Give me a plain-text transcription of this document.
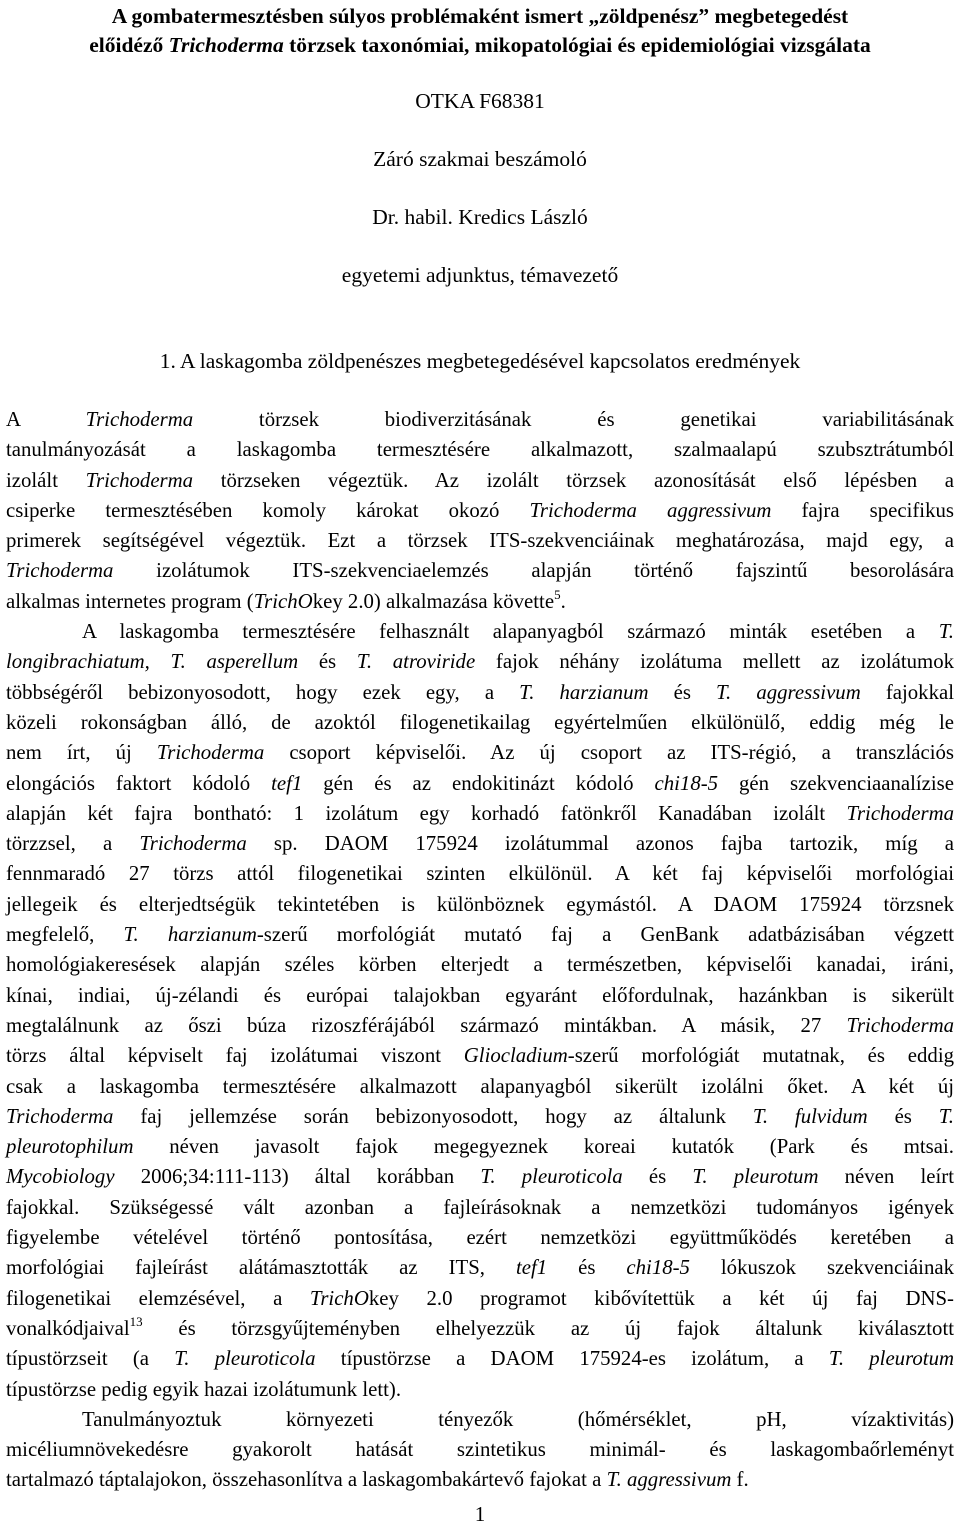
A gombatermesztésben súlyos problémaként ismert „zöldpenész” megbetegedést
előidéző Trichoderma törzsek taxonómiai, mikopatológiai és epidemiológiai vizsgálata

OTKA F68381

Záró szakmai beszámoló

Dr. habil. Kredics László

egyetemi adjunktus, témavezető

1. A laskagomba zöldpenészes megbetegedésével kapcsolatos eredmények

A Trichoderma törzsek biodiverzitásának és genetikai variabilitásának
tanulmányozását a laskagomba termesztésére alkalmazott, szalmaalapú szubsztrátumból
izolált Trichoderma törzseken végeztük. Az izolált törzsek azonosítását első lépésben a
csiperke termesztésében komoly károkat okozó Trichoderma aggressivum fajra specifikus
primerek segítségével végeztük. Ezt a törzsek ITS-szekvenciáinak meghatározása, majd egy, a
Trichoderma izolátumok ITS-szekvenciaelemzés alapján történő fajszintű besorolására
alkalmas internetes program (TrichOkey 2.0) alkalmazása követte$^5$.
A laskagomba termesztésére felhasznált alapanyagból származó minták esetében a T.
longibrachiatum, T. asperellum és T. atroviride fajok néhány izolátuma mellett az izolátumok
többségéről bebizonyosodott, hogy ezek egy, a T. harzianum és T. aggressivum fajokkal
közeli rokonságban álló, de azoktól filogenetikailag egyértelműen elkülönülő, eddig még le
nem írt, új Trichoderma csoport képviselői. Az új csoport az ITS-régió, a transzlációs
elongációs faktort kódoló tef1 gén és az endokitinázt kódoló chi18-5 gén szekvenciaanalízise
alapján két fajra bontható: 1 izolátum egy korhadó fatönkről Kanadában izolált Trichoderma
törzzsel, a Trichoderma sp. DAOM 175924 izolátummal azonos fajba tartozik, míg a
fennmaradó 27 törzs attól filogenetikai szinten elkülönül. A két faj képviselői morfológiai
jellegeik és elterjedtségük tekintetében is különböznek egymástól. A DAOM 175924 törzsnek
megfelelő, T. harzianum-szerű morfológiát mutató faj a GenBank adatbázisában végzett
homológiakeresések alapján széles körben elterjedt a természetben, képviselői kanadai, iráni,
kínai, indiai, új-zélandi és európai talajokban egyaránt előfordulnak, hazánkban is sikerült
megtalálnunk az őszi búza rizoszférájából származó mintákban. A másik, 27 Trichoderma
törzs által képviselt faj izolátumai viszont Gliocladium-szerű morfológiát mutatnak, és eddig
csak a laskagomba termesztésére alkalmazott alapanyagból sikerült izolálni őket. A két új
Trichoderma faj jellemzése során bebizonyosodott, hogy az általunk T. fulvidum és T.
pleurotophilum néven javasolt fajok megegyeznek koreai kutatók (Park és mtsai.
Mycobiology 2006;34:111-113) által korábban T. pleuroticola és T. pleurotum néven leírt
fajokkal. Szükségessé vált azonban a fajleírásoknak a nemzetközi tudományos igények
figyelembe vételével történő pontosítása, ezért nemzetközi együttműködés keretében a
morfológiai fajleírást alátámasztották az ITS, tef1 és chi18-5 lókuszok szekvenciáinak
filogenetikai elemzésével, a TrichOkey 2.0 programot kibővítettük a két új faj DNS-
vonalkódjaival$^{13}$ és törzsgyűjteményben elhelyezzük az új fajok általunk kiválasztott
típustörzseit (a T. pleuroticola típustörzse a DAOM 175924-es izolátum, a T. pleurotum
típustörzse pedig egyik hazai izolátumunk lett).
Tanulmányoztuk környezeti tényezők (hőmérséklet, pH, vízaktivitás)
micéliumnövekedésre gyakorolt hatását szintetikus minimál- és laskagombaőrleményt
tartalmazó táptalajokon, összehasonlítva a laskagombakártevő fajokat a T. aggressivum f.

1
